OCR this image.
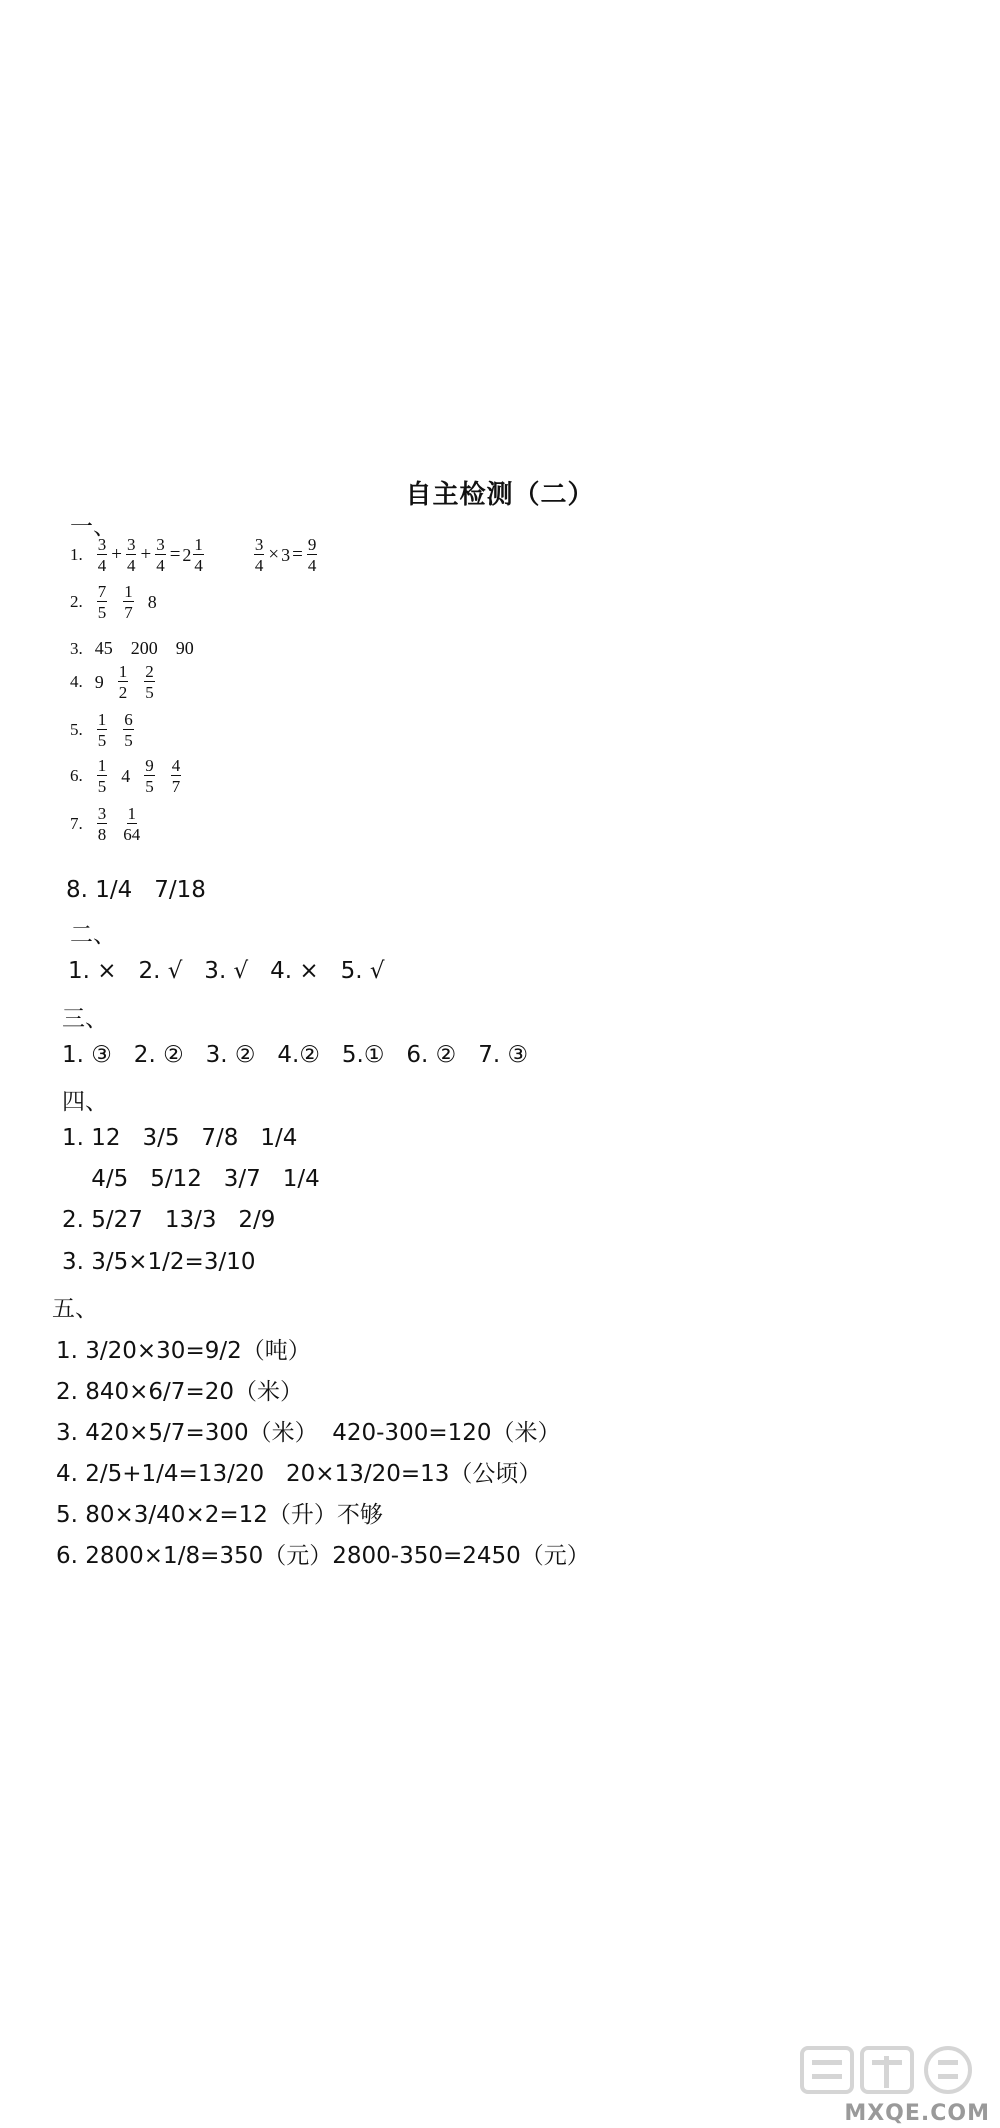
自主检测（二）
一、
1. $\frac{3}{4} + \frac{3}{4} + \frac{3}{4} = 2 \frac{1}{4}$	$\frac{3}{4} \times 3 = \frac{9}{4}$
2. $\frac{7}{5} \frac{1}{7} 8$
3. 45    200    90
4. $9 \frac{1}{2} \frac{2}{5}$
5. $\frac{1}{5} \frac{6}{5}$
6. $\frac{1}{5} 4 \frac{9}{5} \frac{4}{7}$
7. $\frac{3}{8} \frac{1}{64}$
8. 1/4   7/18
二、
1. ×   2. √   3. √   4. ×   5. √
三、
1. ③   2. ②   3. ②   4.②   5.①   6. ②   7. ③
四、
1. 12   3/5   7/8   1/4
4/5   5/12   3/7   1/4
2. 5/27   13/3   2/9
3. 3/5×1/2=3/10
五、
1. 3/20×30=9/2（吨）
2. 840×6/7=20（米）
3. 420×5/7=300（米）  420-300=120（米）
4. 2/5+1/4=13/20   20×13/20=13（公顷）
5. 80×3/40×2=12（升）不够
6. 2800×1/8=350（元）2800-350=2450（元）
MXQE.COM
